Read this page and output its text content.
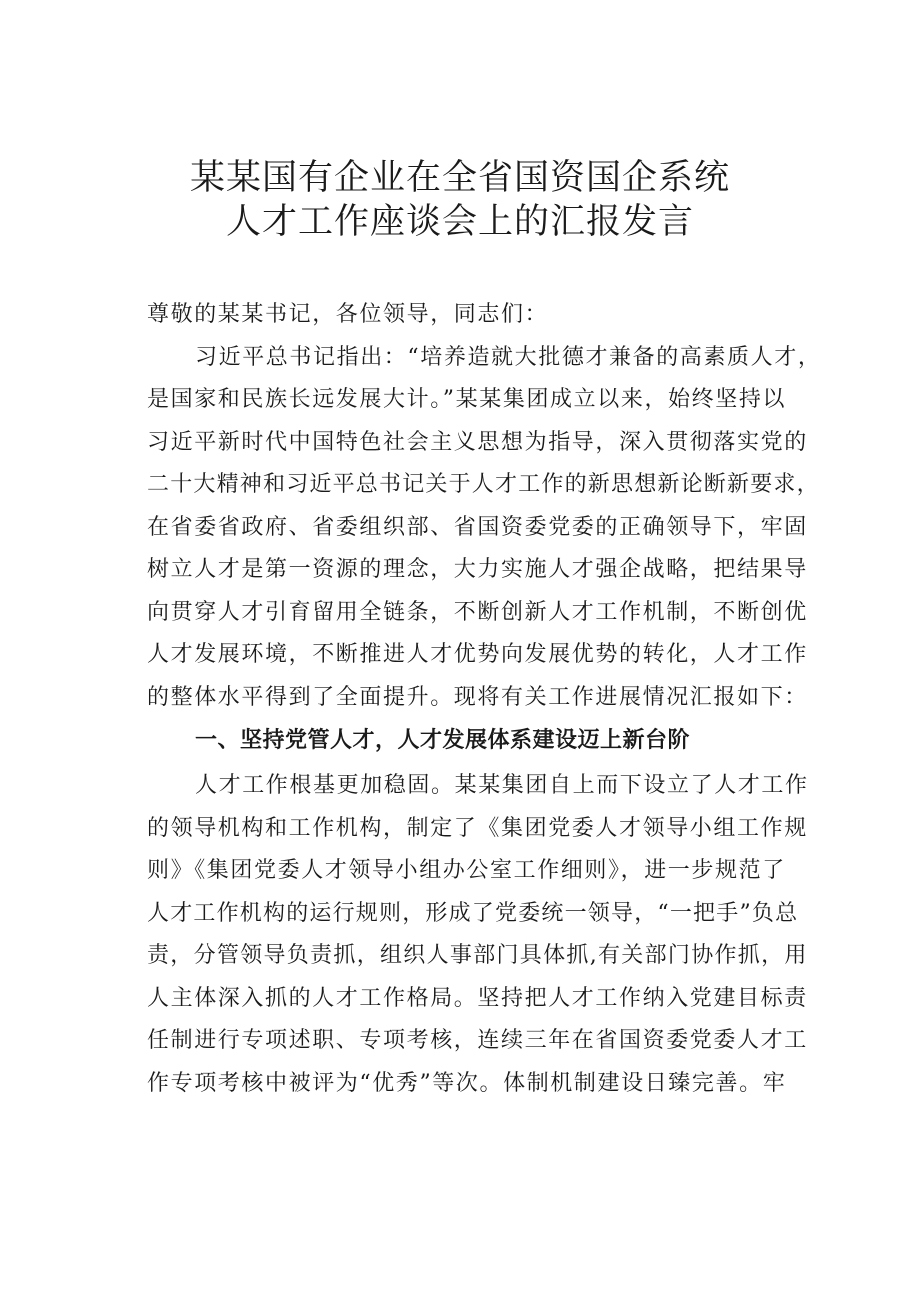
某某国有企业在全省国资国企系统
人才工作座谈会上的汇报发言
尊敬的某某书记，各位领导，同志们：
习近平总书记指出：“培养造就大批德才兼备的高素质人才，
是国家和民族长远发展大计。”某某集团成立以来，始终坚持以
习近平新时代中国特色社会主义思想为指导，深入贯彻落实党的
二十大精神和习近平总书记关于人才工作的新思想新论断新要求，
在省委省政府、省委组织部、省国资委党委的正确领导下，牢固
树立人才是第一资源的理念，大力实施人才强企战略，把结果导
向贯穿人才引育留用全链条，不断创新人才工作机制，不断创优
人才发展环境，不断推进人才优势向发展优势的转化，人才工作
的整体水平得到了全面提升。现将有关工作进展情况汇报如下：
一、坚持党管人才，人才发展体系建设迈上新台阶
人才工作根基更加稳固。某某集团自上而下设立了人才工作
的领导机构和工作机构，制定了《集团党委人才领导小组工作规
则》《集团党委人才领导小组办公室工作细则》，进一步规范了
人才工作机构的运行规则，形成了党委统一领导，“一把手”负总
责，分管领导负责抓，组织人事部门具体抓,有关部门协作抓，用
人主体深入抓的人才工作格局。坚持把人才工作纳入党建目标责
任制进行专项述职、专项考核，连续三年在省国资委党委人才工
作专项考核中被评为“优秀”等次。体制机制建设日臻完善。牢
